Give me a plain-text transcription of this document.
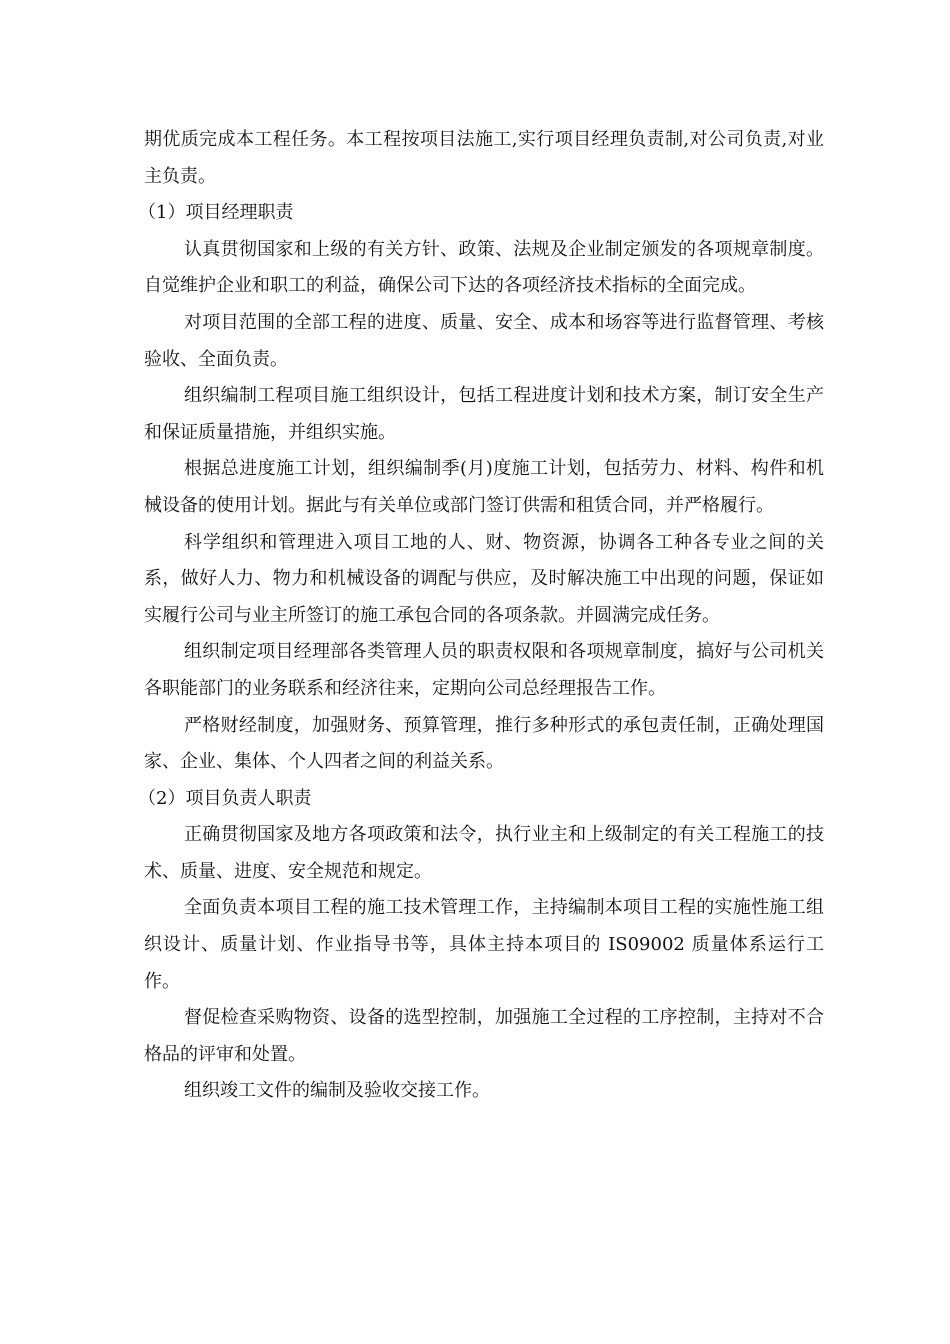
期优质完成本工程任务。本工程按项目法施工,实行项目经理负责制,对公司负责,对业主负责。

（1）项目经理职责

认真贯彻国家和上级的有关方针、政策、法规及企业制定颁发的各项规章制度。自觉维护企业和职工的利益，确保公司下达的各项经济技术指标的全面完成。

对项目范围的全部工程的进度、质量、安全、成本和场容等进行监督管理、考核验收、全面负责。

组织编制工程项目施工组织设计，包括工程进度计划和技术方案，制订安全生产和保证质量措施，并组织实施。

根据总进度施工计划，组织编制季(月)度施工计划，包括劳力、材料、构件和机械设备的使用计划。据此与有关单位或部门签订供需和租赁合同，并严格履行。

科学组织和管理进入项目工地的人、财、物资源，协调各工种各专业之间的关系，做好人力、物力和机械设备的调配与供应，及时解决施工中出现的问题，保证如实履行公司与业主所签订的施工承包合同的各项条款。并圆满完成任务。

组织制定项目经理部各类管理人员的职责权限和各项规章制度，搞好与公司机关各职能部门的业务联系和经济往来，定期向公司总经理报告工作。

严格财经制度，加强财务、预算管理，推行多种形式的承包责任制，正确处理国家、企业、集体、个人四者之间的利益关系。

（2）项目负责人职责

正确贯彻国家及地方各项政策和法令，执行业主和上级制定的有关工程施工的技术、质量、进度、安全规范和规定。

全面负责本项目工程的施工技术管理工作，主持编制本项目工程的实施性施工组织设计、质量计划、作业指导书等，具体主持本项目的 IS09002 质量体系运行工作。

督促检查采购物资、设备的选型控制，加强施工全过程的工序控制，主持对不合格品的评审和处置。

组织竣工文件的编制及验收交接工作。
